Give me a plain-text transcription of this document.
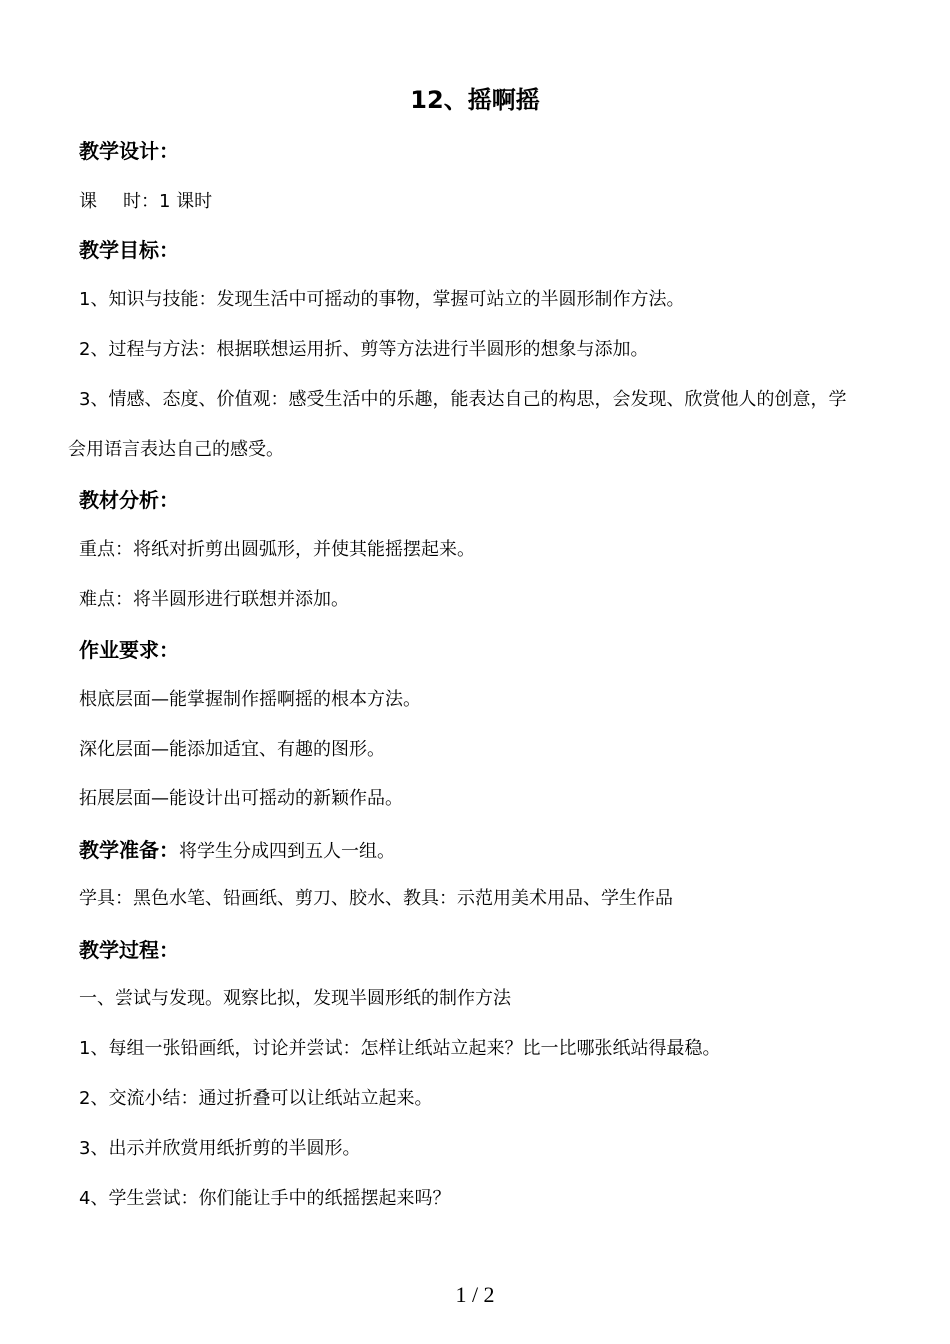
12、摇啊摇
教学设计：
课 时：1 课时
教学目标：
1、知识与技能：发现生活中可摇动的事物，掌握可站立的半圆形制作方法。
2、过程与方法：根据联想运用折、剪等方法进行半圆形的想象与添加。
3、情感、态度、价值观：感受生活中的乐趣，能表达自己的构思，会发现、欣赏他人的创意，学
会用语言表达自己的感受。
教材分析：
重点：将纸对折剪出圆弧形，并使其能摇摆起来。
难点：将半圆形进行联想并添加。
作业要求：
根底层面—能掌握制作摇啊摇的根本方法。
深化层面—能添加适宜、有趣的图形。
拓展层面—能设计出可摇动的新颖作品。
教学准备：将学生分成四到五人一组。
学具：黑色水笔、铅画纸、剪刀、胶水、教具：示范用美术用品、学生作品
教学过程：
一、尝试与发现。观察比拟，发现半圆形纸的制作方法
1、每组一张铅画纸，讨论并尝试：怎样让纸站立起来？比一比哪张纸站得最稳。
2、交流小结：通过折叠可以让纸站立起来。
3、出示并欣赏用纸折剪的半圆形。
4、学生尝试：你们能让手中的纸摇摆起来吗？
1 / 2
